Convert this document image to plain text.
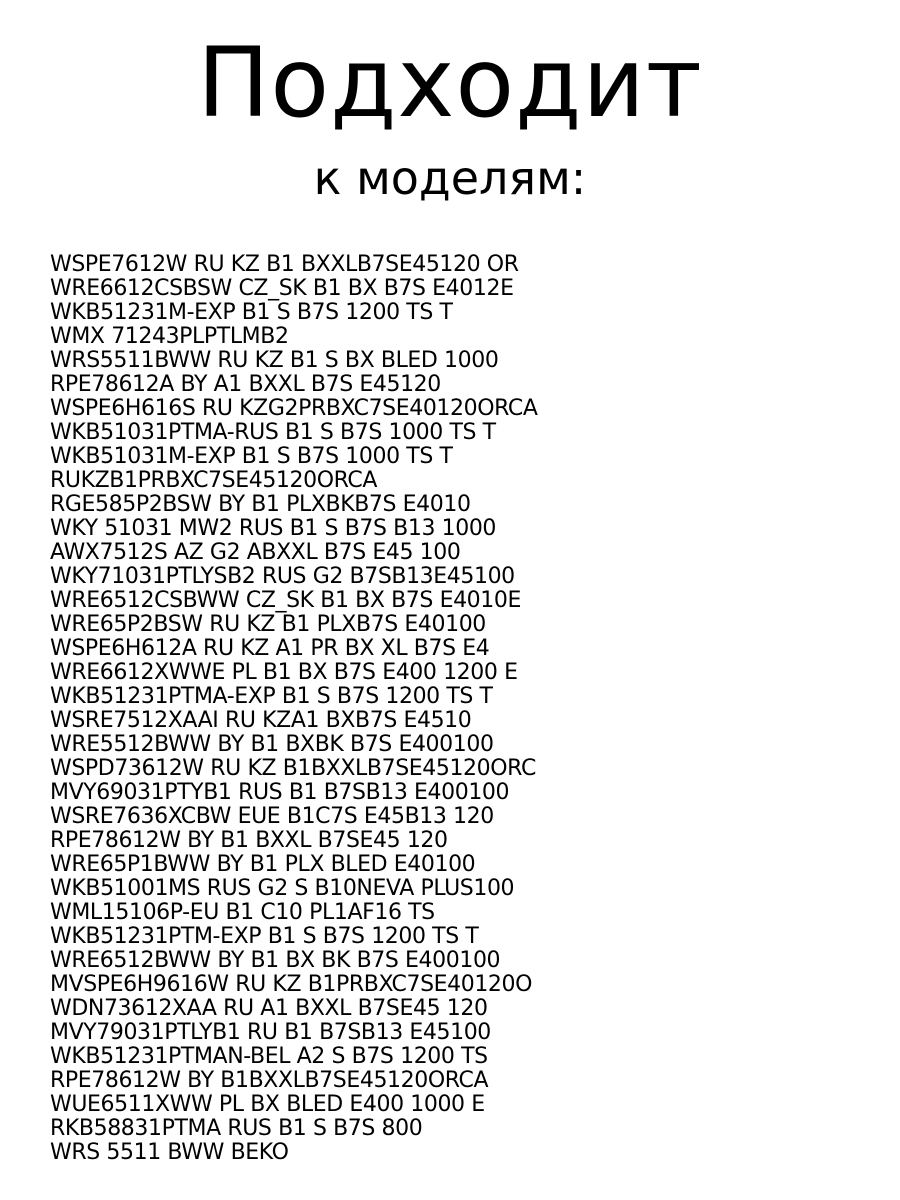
Подходит
к моделям:
WSPE7612W RU KZ B1 BXXLB7SE45120 OR
WRE6612CSBSW CZ_SK B1 BX B7S E4012E
WKB51231M-EXP B1 S B7S 1200 TS T
WMX 71243PLPTLMB2
WRS5511BWW RU KZ B1 S BX BLED 1000
RPE78612A BY A1 BXXL B7S E45120
WSPE6H616S RU KZG2PRBXC7SE40120ORCA
WKB51031PTMA-RUS B1 S B7S 1000 TS T
WKB51031M-EXP B1 S B7S 1000 TS T
RUKZB1PRBXC7SE45120ORCA
RGE585P2BSW BY B1 PLXBKB7S E4010
WKY 51031 MW2 RUS B1 S B7S B13 1000
AWX7512S AZ G2 ABXXL B7S E45 100
WKY71031PTLYSB2 RUS G2 B7SB13E45100
WRE6512CSBWW CZ_SK B1 BX B7S E4010E
WRE65P2BSW RU KZ B1 PLXB7S E40100
WSPE6H612A RU KZ A1 PR BX XL B7S E4
WRE6612XWWE PL B1 BX B7S E400 1200 E
WKB51231PTMA-EXP B1 S B7S 1200 TS T
WSRE7512XAAI RU KZA1 BXB7S E4510
WRE5512BWW BY B1 BXBK B7S E400100
WSPD73612W RU KZ B1BXXLB7SE45120ORC
MVY69031PTYB1 RUS B1 B7SB13 E400100
WSRE7636XCBW EUE B1C7S E45B13 120
RPE78612W BY B1 BXXL B7SE45 120
WRE65P1BWW BY B1 PLX BLED E40100
WKB51001MS RUS G2 S B10NEVA PLUS100
WML15106P-EU B1 C10 PL1AF16 TS
WKB51231PTM-EXP B1 S B7S 1200 TS T
WRE6512BWW BY B1 BX BK B7S E400100
MVSPE6H9616W RU KZ B1PRBXC7SE40120O
WDN73612XAA RU A1 BXXL B7SE45 120
MVY79031PTLYB1 RU B1 B7SB13 E45100
WKB51231PTMAN-BEL A2 S B7S 1200 TS
RPE78612W BY B1BXXLB7SE45120ORCA
WUE6511XWW PL BX BLED E400 1000 E
RKB58831PTMA RUS B1 S B7S 800
WRS 5511 BWW BEKO
